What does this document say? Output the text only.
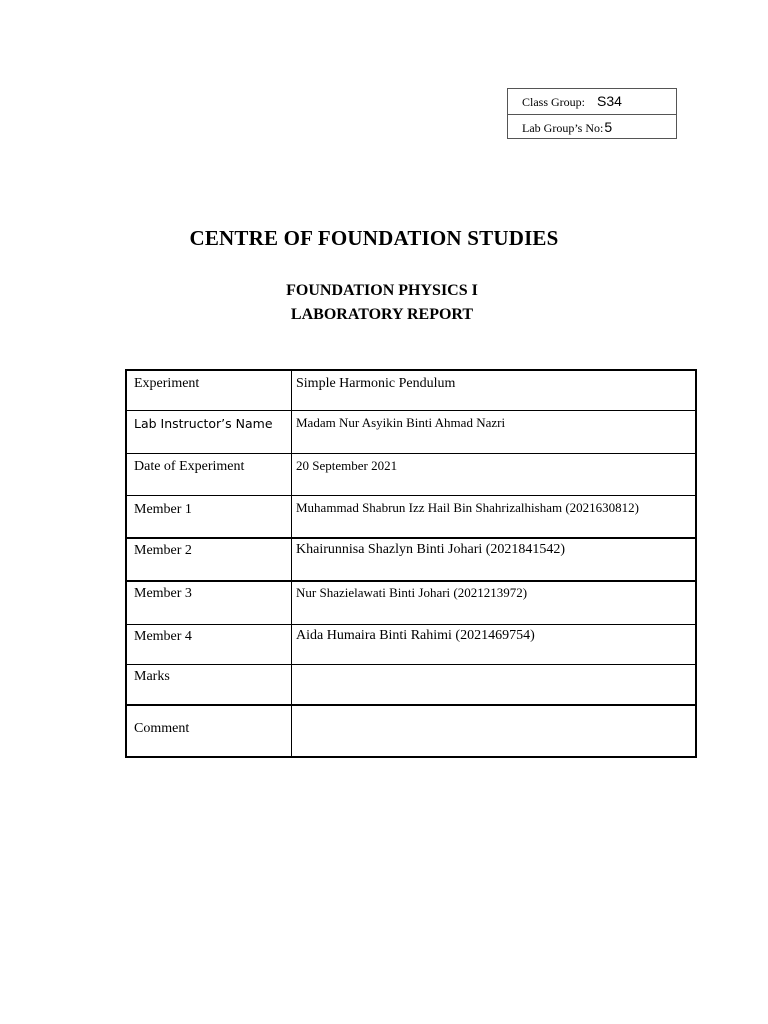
Class Group: S34
Lab Group’s No:5
CENTRE OF FOUNDATION STUDIES
FOUNDATION PHYSICS I
LABORATORY REPORT
Experiment	Simple Harmonic Pendulum
Lab Instructor’s Name	Madam Nur Asyikin Binti Ahmad Nazri
Date of Experiment	20 September 2021
Member 1	Muhammad Shabrun Izz Hail Bin Shahrizalhisham (2021630812)
Member 2	Khairunnisa Shazlyn Binti Johari (2021841542)
Member 3	Nur Shazielawati Binti Johari (2021213972)
Member 4	Aida Humaira Binti Rahimi (2021469754)
Marks
Comment
